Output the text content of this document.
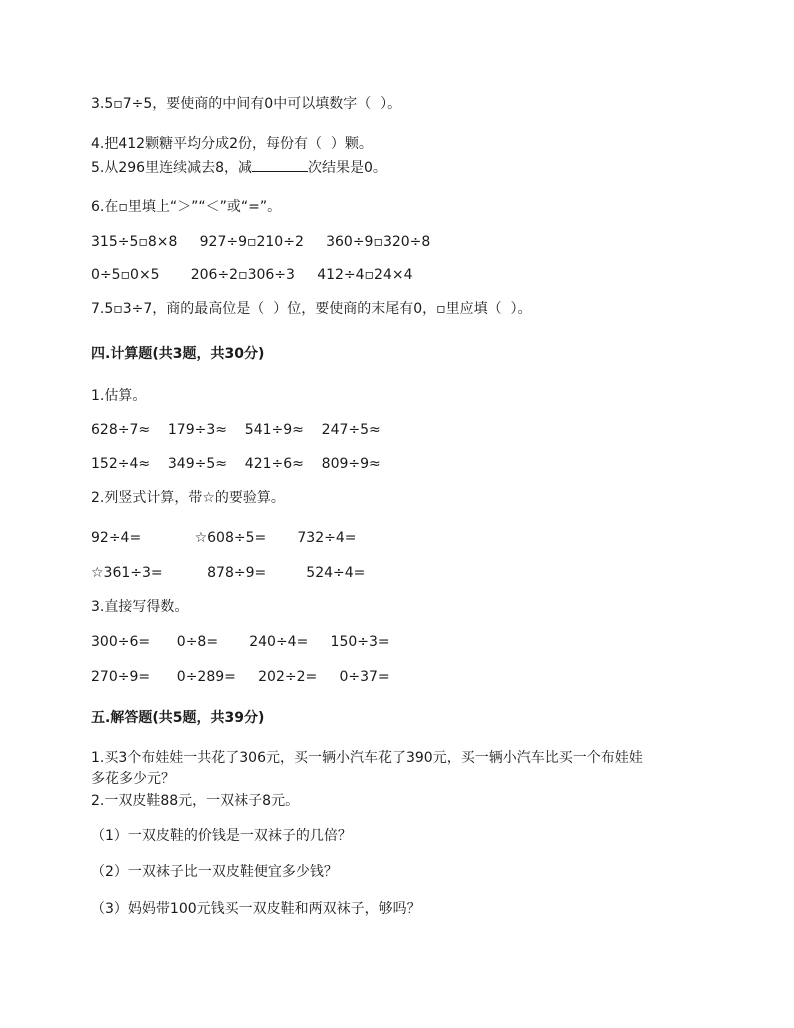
3.5▫7÷5，要使商的中间有0中可以填数字（  ）。
4.把412颗糖平均分成2份，每份有（  ）颗。
5.从296里连续减去8，减	次结果是0。
6.在▫里填上“＞”“＜”或“=”。
315÷5▫8×8     927÷9▫210÷2     360÷9▫320÷8
0÷5▫0×5       206÷2▫306÷3     412÷4▫24×4
7.5▫3÷7，商的最高位是（  ）位，要使商的末尾有0，▫里应填（  ）。
四.计算题(共3题，共30分)
1.估算。
628÷7≈    179÷3≈    541÷9≈    247÷5≈
152÷4≈    349÷5≈    421÷6≈    809÷9≈
2.列竖式计算，带☆的要验算。
92÷4=            ☆608÷5=       732÷4=
☆361÷3=          878÷9=         524÷4=
3.直接写得数。
300÷6=      0÷8=       240÷4=     150÷3=
270÷9=      0÷289=     202÷2=     0÷37=
五.解答题(共5题，共39分)
1.买3个布娃娃一共花了306元，买一辆小汽车花了390元，买一辆小汽车比买一个布娃娃
多花多少元？
2.一双皮鞋88元，一双袜子8元。
（1）一双皮鞋的价钱是一双袜子的几倍？
（2）一双袜子比一双皮鞋便宜多少钱？
（3）妈妈带100元钱买一双皮鞋和两双袜子，够吗？
